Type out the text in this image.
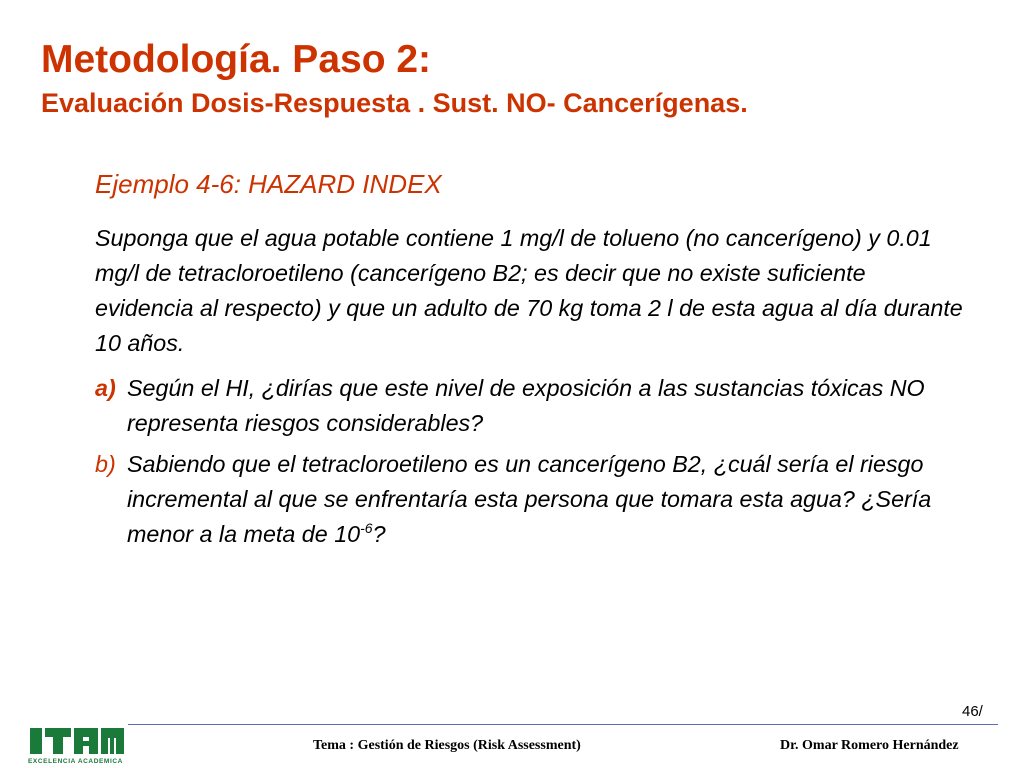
Metodología. Paso 2:
Evaluación Dosis-Respuesta . Sust. NO- Cancerígenas.
Ejemplo 4-6: HAZARD INDEX

Suponga que el agua potable contiene 1 mg/l de tolueno (no cancerígeno) y 0.01 mg/l de tetracloroetileno (cancerígeno B2; es decir que no existe suficiente evidencia al respecto) y que un adulto de 70 kg toma 2 l de esta agua al día durante 10 años.

a) Según el HI, ¿dirías que este nivel de exposición a las sustancias tóxicas NO representa riesgos considerables?
b) Sabiendo que el tetracloroetileno es un cancerígeno B2, ¿cuál sería el riesgo incremental al que se enfrentaría esta persona que tomara esta agua? ¿Sería menor a la meta de $10^{-6}$?
46/
EXCELENCIA ACADEMICA
Tema : Gestión de Riesgos (Risk Assessment)	Dr. Omar Romero Hernández
